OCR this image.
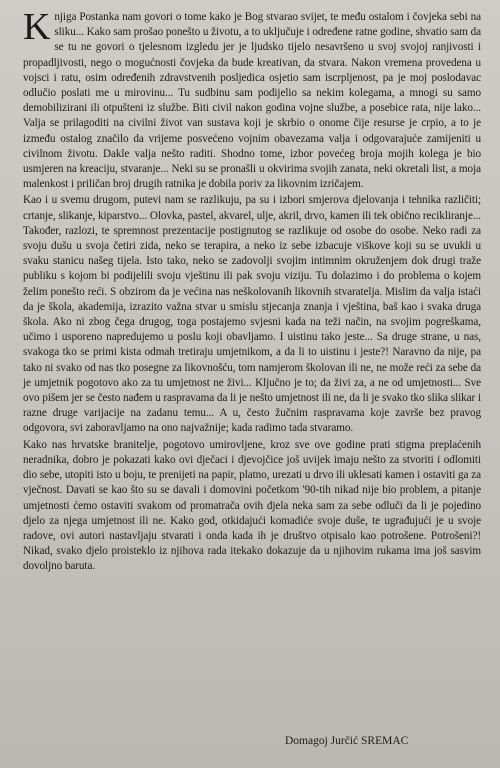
Knjiga Postanka nam govori o tome kako je Bog stvarao svijet, te među ostalom i čovjeka sebi na sliku... Kako sam prošao ponešto u životu, a to uključuje i određene ratne godine, shvatio sam da se tu ne govori o tjelesnom izgledu jer je ljudsko tijelo nesavršeno u svoj svojoj ranjivosti i propadljivosti, nego o mogućnosti čovjeka da bude kreativan, da stvara. Nakon vremena provedena u vojsci i ratu, osim određenih zdravstvenih posljedica osjetio sam iscrpljenost, pa je moj poslodavac odlučio poslati me u mirovinu... Tu sudbinu sam podijelio sa nekim kolegama, a mnogi su samo demobilizirani ili otpušteni iz službe. Biti civil nakon godina vojne službe, a posebice rata, nije lako... Valja se prilagoditi na civilni život van sustava koji je skrbio o onome čije resurse je crpio, a to je između ostalog značilo da vrijeme posvećeno vojnim obavezama valja i odgovarajuće zamijeniti u civilnom životu. Dakle valja nešto raditi. Shodno tome, izbor povećeg broja mojih kolega je bio usmjeren na kreaciju, stvaranje... Neki su se pronašli u okvirima svojih zanata, neki okretali list, a moja malenkost i priličan broj drugih ratnika je dobila poriv za likovnim izričajem.

Kao i u svemu drugom, putevi nam se razlikuju, pa su i izbori smjerova djelovanja i tehnika različiti; crtanje, slikanje, kiparstvo... Olovka, pastel, akvarel, ulje, akril, drvo, kamen ili tek obično recikliranje... Također, razlozi, te spremnost prezentacije postignutog se razlikuje od osobe do osobe. Neko radi za svoju dušu u svoja četiri zida, neko se terapira, a neko iz sebe izbacuje viškove koji su se uvukli u svaku stanicu našeg tijela. Isto tako, neko se zadovolji svojim intimnim okruženjem dok drugi traže publiku s kojom bi podijelili svoju vještinu ili pak svoju viziju. Tu dolazimo i do problema o kojem želim ponešto reći. S obzirom da je većina nas neškolovanih likovnih stvaratelja. Mislim da valja istaći da je škola, akademija, izrazito važna stvar u smislu stjecanja znanja i vještina, baš kao i svaka druga škola. Ako ni zbog čega drugog, toga postajemo svjesni kada na teži način, na svojim pogreškama, učimo i usporeno napredujemo u poslu koji obavljamo. I uistinu tako jeste... Sa druge strane, u nas, svakoga tko se primi kista odmah tretiraju umjetnikom, a da li to uistinu i jeste?! Naravno da nije, pa tako ni svako od nas tko posegne za likovnošću, tom namjerom školovan ili ne, ne može reći za sebe da je umjetnik pogotovo ako za tu umjetnost ne živi... Ključno je to; da živi za, a ne od umjetnosti... Sve ovo pišem jer se često nađem u raspravama da li je nešto umjetnost ili ne, da li je svako tko slika slikar i razne druge varijacije na zadanu temu... A u, često žučnim raspravama koje završe bez pravog odgovora, svi zaboravljamo na ono najvažnije; kada radimo tada stvaramo.

Kako nas hrvatske branitelje, pogotovo umirovljene, kroz sve ove godine prati stigma preplaćenih neradnika, dobro je pokazati kako ovi dječaci i djevojčice još uvijek imaju nešto za stvoriti i odlomiti dio sebe, utopiti isto u boju, te prenijeti na papir, platno, urezati u drvo ili uklesati kamen i ostaviti ga za vječnost. Davati se kao što su se davali i domovini početkom '90-tih nikad nije bio problem, a pitanje umjetnosti ćemo ostaviti svakom od promatrača ovih djela neka sam za sebe odluči da li je pojedino djelo za njega umjetnost ili ne. Kako god, otkidajući komadiće svoje duše, te ugrađujući je u svoje radove, ovi autori nastavljaju stvarati i onda kada ih je društvo otpisalo kao potrošene. Potrošeni?! Nikad, svako djelo proisteklo iz njihova rada itekako dokazuje da u njihovim rukama ima još sasvim dovoljno baruta.

Domagoj Jurčić SREMAC
